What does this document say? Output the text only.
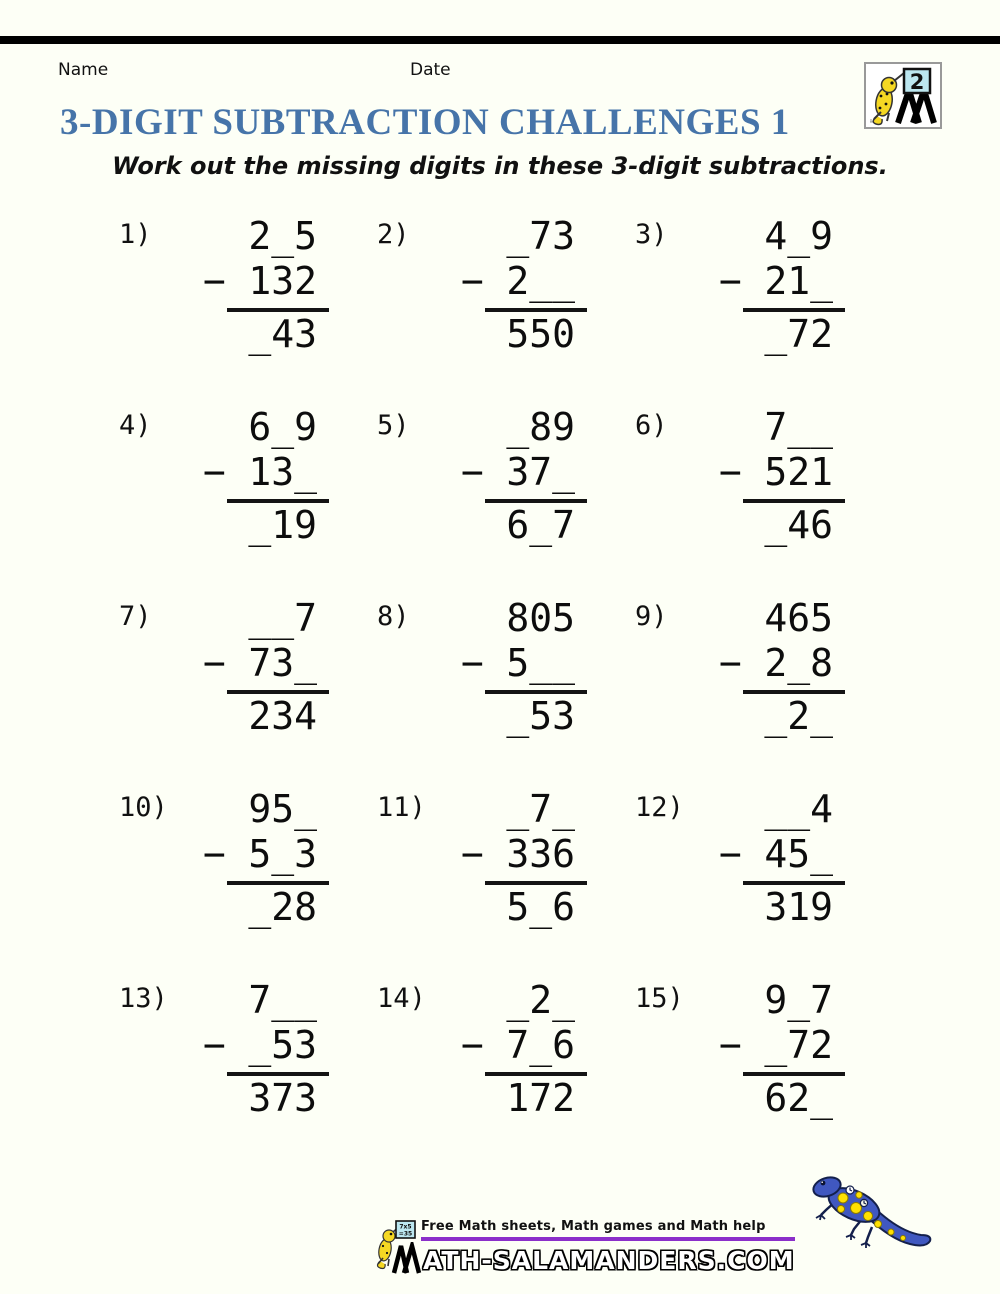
Name	Date	2
3-DIGIT SUBTRACTION CHALLENGES 1
Work out the missing digits in these 3-digit subtractions.
1)	2_5
− 132
_43
2)	_73
− 2__
550
3)	4_9
− 21_
_72
4)	6_9
− 13_
_19
5)	_89
− 37_
6_7
6)	7__
− 521
_46
7)	__7
− 73_
234
8)	805
− 5__
_53
9)	465
− 2_8
_2_
10)	95_
− 5_3
_28
11)	_7_
− 336
5_6
12)	__4
− 45_
319
13)	7__
− _53
373
14)	_2_
− 7_6
172
15)	9_7
− _72
62_
7x5
=35 Free Math sheets, Math games and Math help
ATH-SALAMANDERS.COM
